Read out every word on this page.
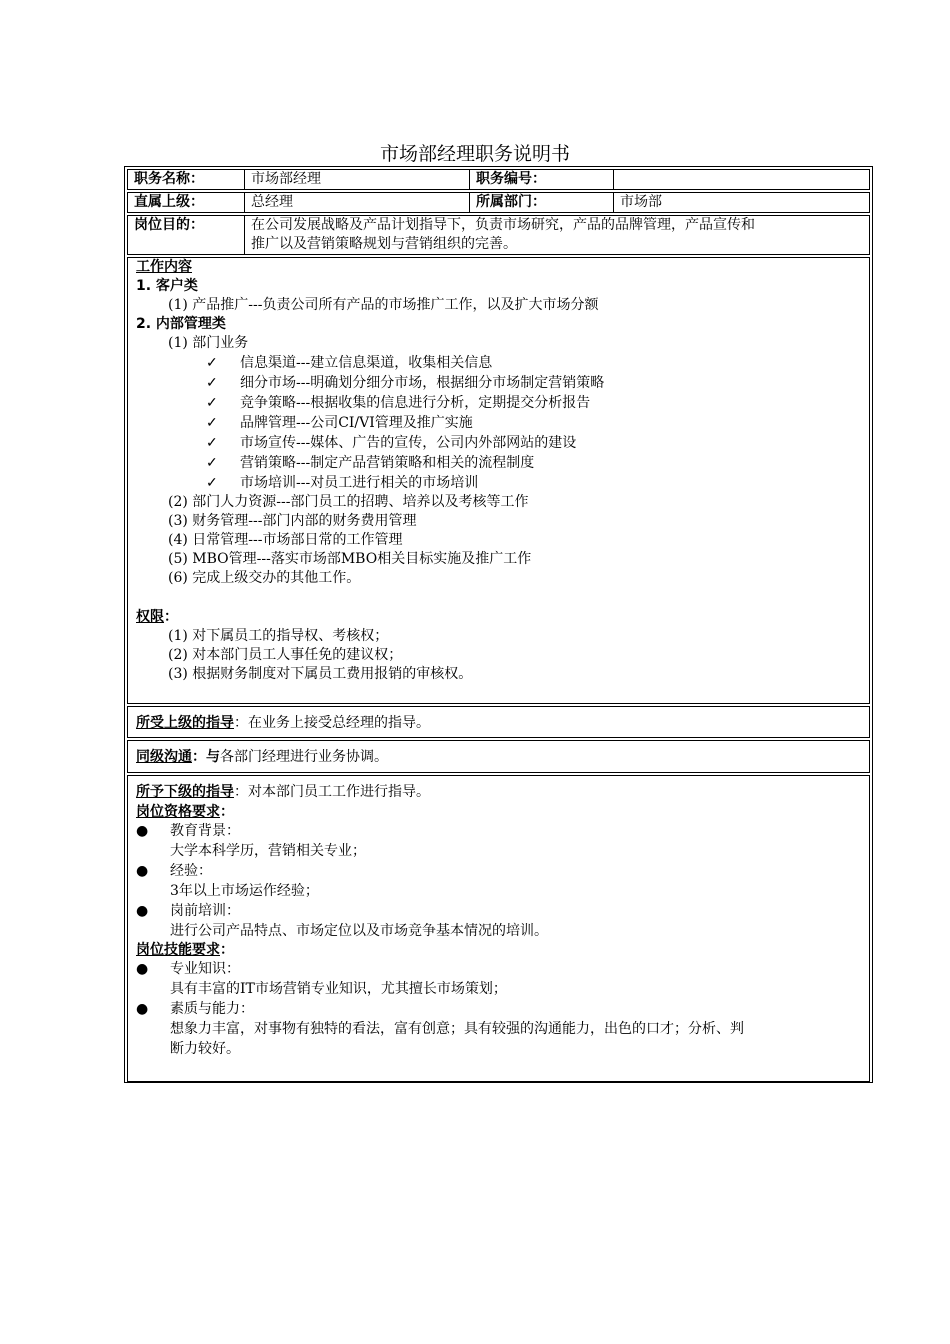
市场部经理职务说明书
职务名称：	市场部经理	职务编号：
直属上级：	总经理	所属部门：	市场部
岗位目的：	在公司发展战略及产品计划指导下，负责市场研究，产品的品牌管理，产品宣传和
推广以及营销策略规划与营销组织的完善。
工作内容
1. 客户类
(1) 产品推广---负责公司所有产品的市场推广工作，以及扩大市场分额
2. 内部管理类
(1) 部门业务
✓ 信息渠道---建立信息渠道，收集相关信息
✓ 细分市场---明确划分细分市场，根据细分市场制定营销策略
✓ 竞争策略---根据收集的信息进行分析，定期提交分析报告
✓ 品牌管理---公司CI/VI管理及推广实施
✓ 市场宣传---媒体、广告的宣传，公司内外部网站的建设
✓ 营销策略---制定产品营销策略和相关的流程制度
✓ 市场培训---对员工进行相关的市场培训
(2) 部门人力资源---部门员工的招聘、培养以及考核等工作
(3) 财务管理---部门内部的财务费用管理
(4) 日常管理---市场部日常的工作管理
(5) MBO管理---落实市场部MBO相关目标实施及推广工作
(6) 完成上级交办的其他工作。
权限：
(1) 对下属员工的指导权、考核权；
(2) 对本部门员工人事任免的建议权；
(3) 根据财务制度对下属员工费用报销的审核权。
所受上级的指导：在业务上接受总经理的指导。
同级沟通：与各部门经理进行业务协调。
所予下级的指导：对本部门员工工作进行指导。
岗位资格要求：
● 教育背景：
大学本科学历，营销相关专业；
● 经验：
3年以上市场运作经验；
● 岗前培训：
进行公司产品特点、市场定位以及市场竞争基本情况的培训。
岗位技能要求：
● 专业知识：
具有丰富的IT市场营销专业知识，尤其擅长市场策划；
● 素质与能力：
想象力丰富，对事物有独特的看法，富有创意；具有较强的沟通能力，出色的口才；分析、判
断力较好。
